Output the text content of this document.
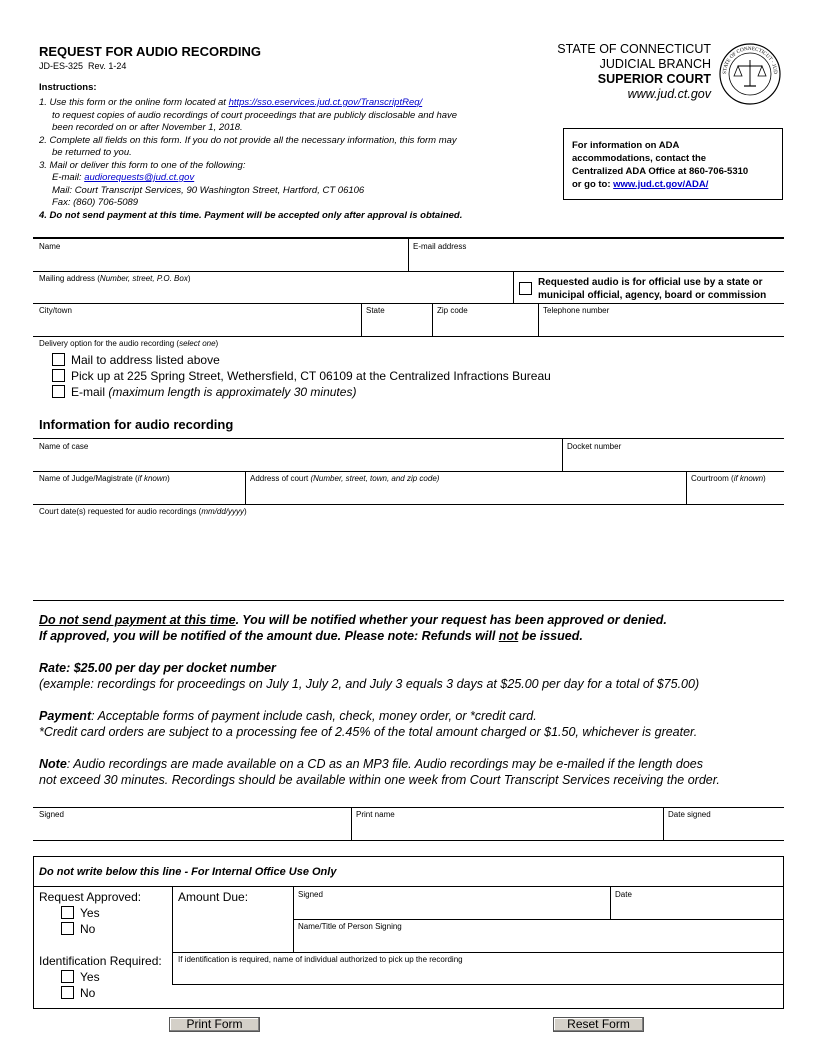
REQUEST FOR AUDIO RECORDING
JD-ES-325 Rev. 1-24
STATE OF CONNECTICUT
JUDICIAL BRANCH
SUPERIOR COURT
www.jud.ct.gov
STATE OF CONNECTICUT · JUD
Instructions:
1. Use this form or the online form located at https://sso.eservices.jud.ct.gov/TranscriptReq/
to request copies of audio recordings of court proceedings that are publicly disclosable and have
been recorded on or after November 1, 2018.
2. Complete all fields on this form. If you do not provide all the necessary information, this form may
be returned to you.
3. Mail or deliver this form to one of the following:
E-mail: audiorequests@jud.ct.gov
Mail: Court Transcript Services, 90 Washington Street, Hartford, CT 06106
Fax: (860) 706-5089
4. Do not send payment at this time. Payment will be accepted only after approval is obtained.
For information on ADA
accommodations, contact the
Centralized ADA Office at 860-706-5310
or go to: www.jud.ct.gov/ADA/
Name	E-mail address
Mailing address (Number, street, P.O. Box)	Requested audio is for official use by a state or
municipal official, agency, board or commission
City/town	State	Zip code	Telephone number
Delivery option for the audio recording (select one)
Mail to address listed above
Pick up at 225 Spring Street, Wethersfield, CT 06109 at the Centralized Infractions Bureau
E-mail (maximum length is approximately 30 minutes)
Information for audio recording
Name of case	Docket number
Name of Judge/Magistrate (if known)	Address of court (Number, street, town, and zip code)	Courtroom (if known)
Court date(s) requested for audio recordings (mm/dd/yyyy)
Do not send payment at this time. You will be notified whether your request has been approved or denied.
If approved, you will be notified of the amount due. Please note: Refunds will not be issued.
Rate: $25.00 per day per docket number
(example: recordings for proceedings on July 1, July 2, and July 3 equals 3 days at $25.00 per day for a total of $75.00)
Payment: Acceptable forms of payment include cash, check, money order, or *credit card.
*Credit card orders are subject to a processing fee of 2.45% of the total amount charged or $1.50, whichever is greater.
Note: Audio recordings are made available on a CD as an MP3 file. Audio recordings may be e-mailed if the length does
not exceed 30 minutes. Recordings should be available within one week from Court Transcript Services receiving the order.
Signed	Print name	Date signed
Do not write below this line - For Internal Office Use Only
Request Approved:
Yes
No
Amount Due:	Signed	Date
Name/Title of Person Signing
Identification Required:
Yes
No
If identification is required, name of individual authorized to pick up the recording
Print Form	Reset Form
